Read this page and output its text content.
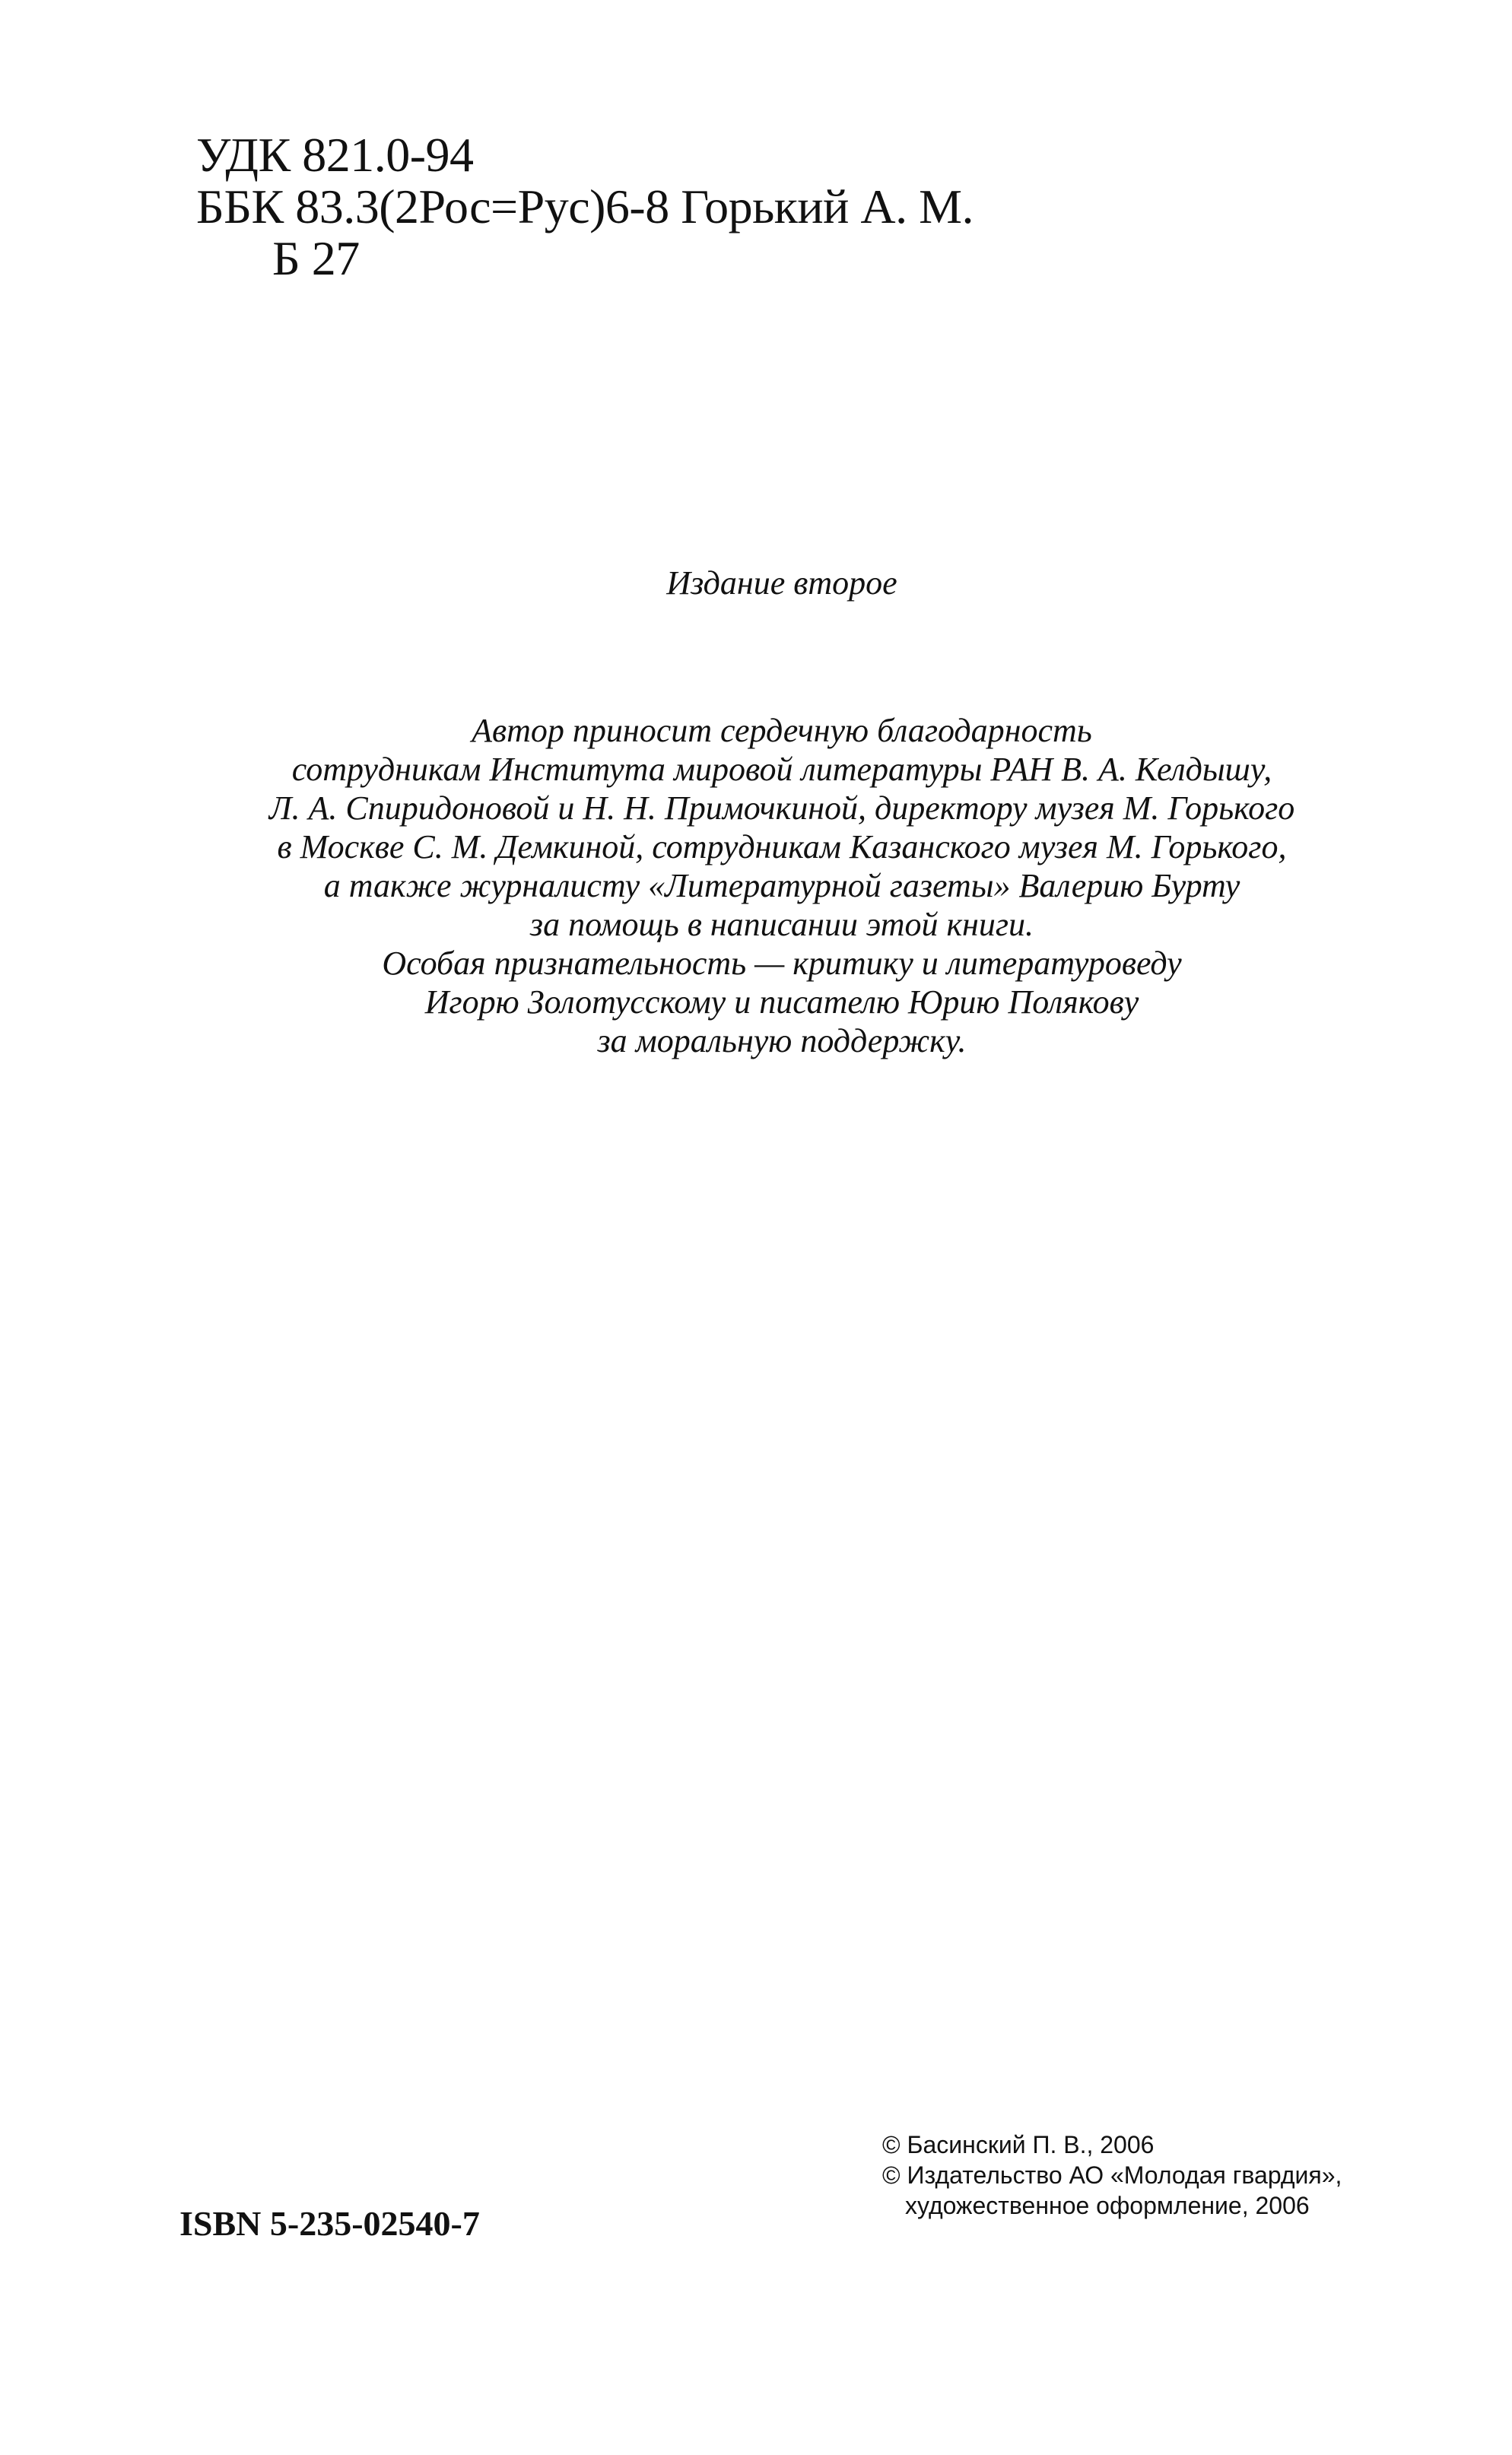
УДК 821.0-94
ББК 83.3(2Рос=Рус)6-8 Горький А. М.
Б 27
Издание второе
Автор приносит сердечную благодарность
сотрудникам Института мировой литературы РАН В. А. Келдышу,
Л. А. Спиридоновой и Н. Н. Примочкиной, директору музея М. Горького
в Москве С. М. Демкиной, сотрудникам Казанского музея М. Горького,
а также журналисту «Литературной газеты» Валерию Бурту
за помощь в написании этой книги.
Особая признательность — критику и литературоведу
Игорю Золотусскому и писателю Юрию Полякову
за моральную поддержку.
ISBN 5-235-02540-7
© Басинский П. В., 2006
© Издательство АО «Молодая гвардия»,
художественное оформление, 2006
